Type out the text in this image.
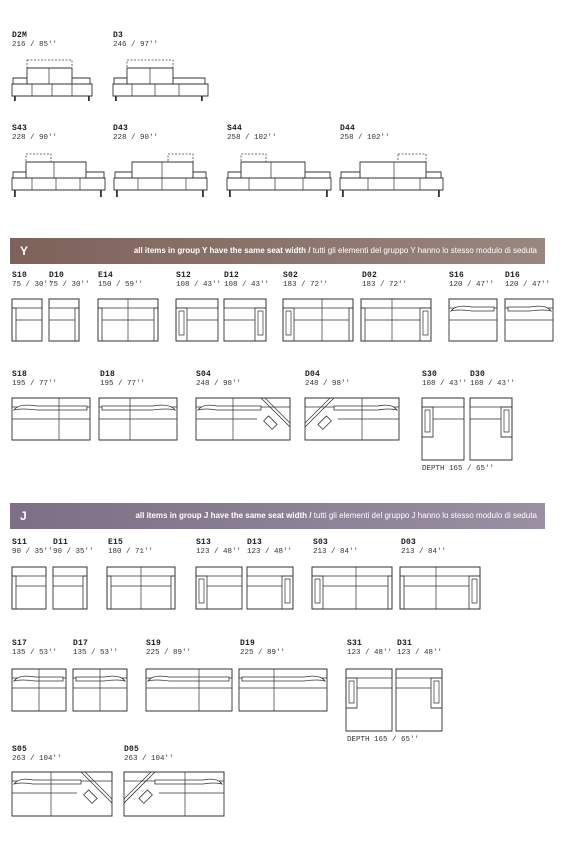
D2M
216 / 85''
D3
246 / 97''
S43
228 / 90''
D43
228 / 90''
S44
258 / 102''
D44
258 / 102''
Y	all items in group Y have the same seat width / tutti gli elementi del gruppo Y hanno lo stesso modulo di seduta
S10
75 / 30''
D10
75 / 30''
E14
150 / 59''
S12
108 / 43''
D12
108 / 43''
S02
183 / 72''
D02
183 / 72''
S16
120 / 47''
D16
120 / 47''
S18
195 / 77''
D18
195 / 77''
S04
248 / 98''
D04
248 / 98''
S30
108 / 43''
D30
108 / 43''
DEPTH 165 / 65''
J	all items in group J have the same seat width / tutti gli elementi del gruppo J hanno lo stesso modulo di seduta
S11
90 / 35''
D11
90 / 35''
E15
180 / 71''
S13
123 / 48''
D13
123 / 48''
S03
213 / 84''
D03
213 / 84''
S17
135 / 53''
D17
135 / 53''
S19
225 / 89''
D19
225 / 89''
S31
123 / 48''
D31
123 / 48''
DEPTH 165 / 65''
S05
263 / 104''
D05
263 / 104''
